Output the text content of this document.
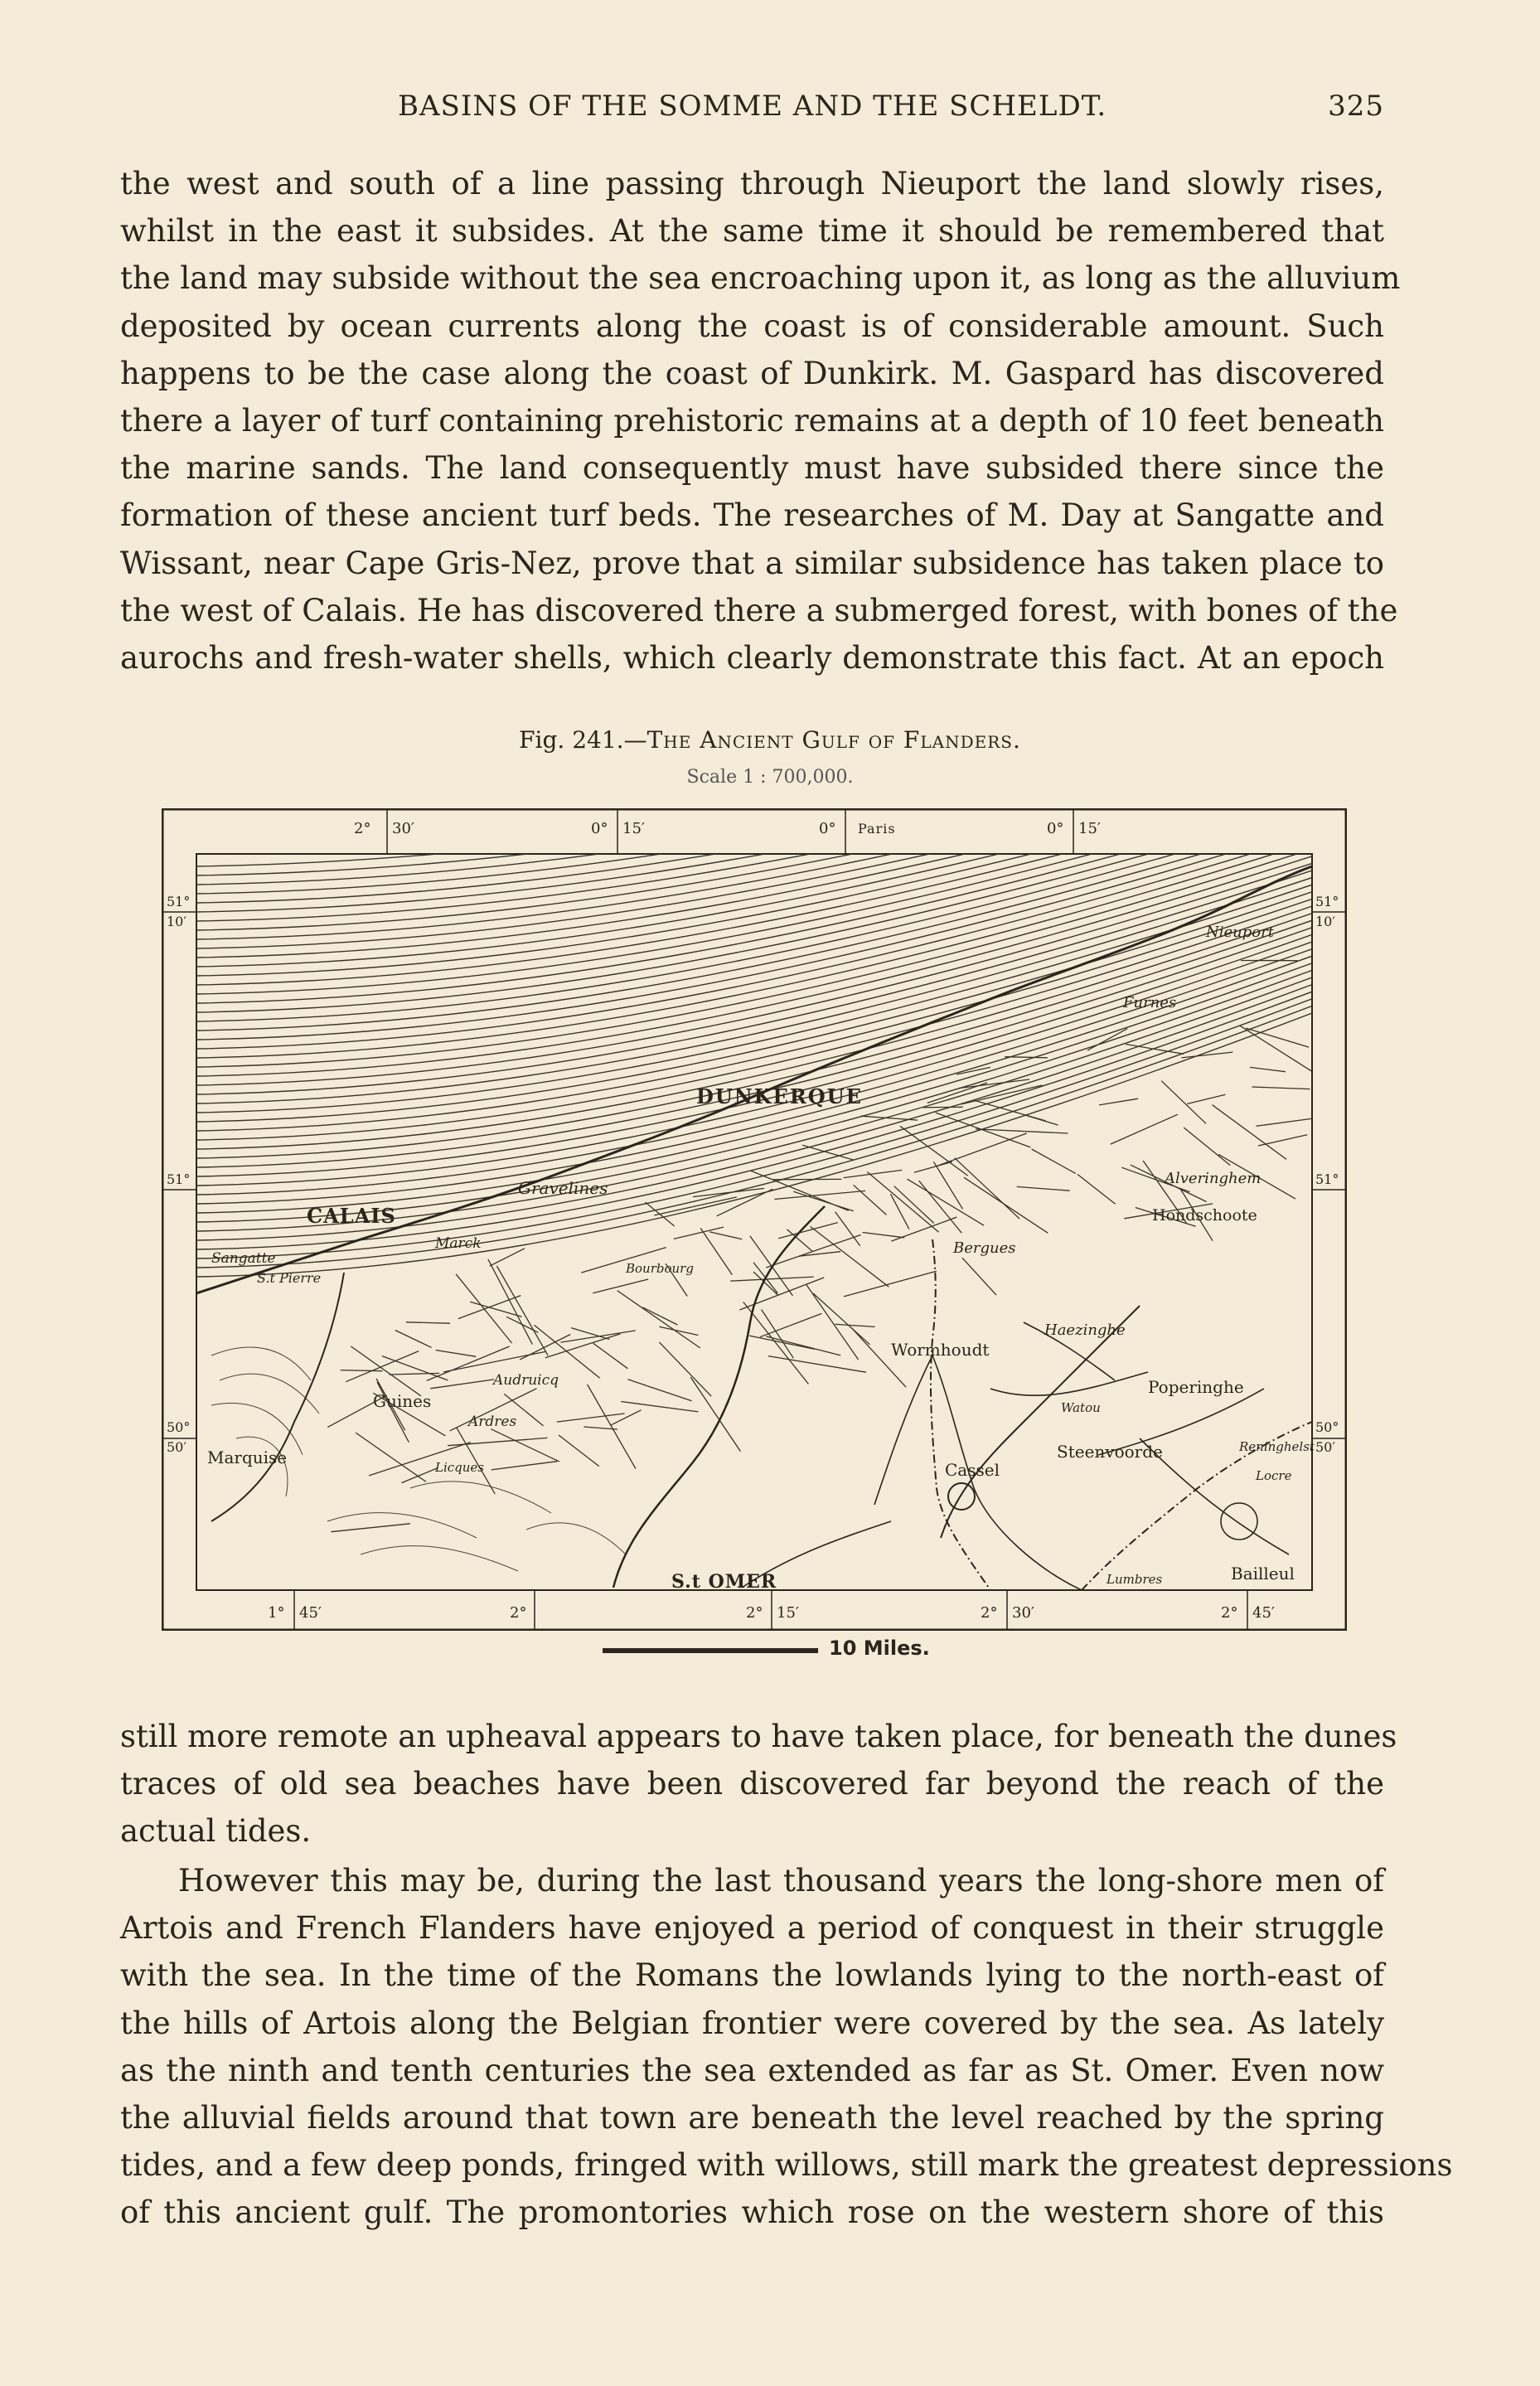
BASINS OF THE SOMME AND THE SCHELDT.	325
the west and south of a line passing through Nieuport the land slowly rises,
whilst in the east it subsides. At the same time it should be remembered that
the land may subside without the sea encroaching upon it, as long as the alluvium
deposited by ocean currents along the coast is of considerable amount. Such
happens to be the case along the coast of Dunkirk. M. Gaspard has discovered
there a layer of turf containing prehistoric remains at a depth of 10 feet beneath
the marine sands. The land consequently must have subsided there since the
formation of these ancient turf beds. The researches of M. Day at Sangatte and
Wissant, near Cape Gris-Nez, prove that a similar subsidence has taken place to
the west of Calais. He has discovered there a submerged forest, with bones of the
aurochs and fresh-water shells, which clearly demonstrate this fact. At an epoch
Fig. 241.—The Ancient Gulf of Flanders.
Scale 1 : 700,000.
DUNKERQUE
CALAIS
Gravelines
Nieuport
Furnes
Alveringhem
Hondschoote
Bergues
Sangatte
S.t Pierre
Marck
Wormhoudt
Haezinghe
Poperinghe
Guines
Audruicq
Ardres
Marquise
Cassel
Steenvoorde
S.t OMER	Bailleul
Watou
Reninghelst
Locre
Bourbourg
Licques
Lumbres
2° 30′	0° 15′	0° Paris	0° 15′
1° 45′	2°	2° 15′	2° 30′	2° 45′
51°
10′
51°
50°
50′
51°
10′
51°
50°
50′
10 Miles.
still more remote an upheaval appears to have taken place, for beneath the dunes
traces of old sea beaches have been discovered far beyond the reach of the
actual tides.
However this may be, during the last thousand years the long-shore men of
Artois and French Flanders have enjoyed a period of conquest in their struggle
with the sea. In the time of the Romans the lowlands lying to the north-east of
the hills of Artois along the Belgian frontier were covered by the sea. As lately
as the ninth and tenth centuries the sea extended as far as St. Omer. Even now
the alluvial fields around that town are beneath the level reached by the spring
tides, and a few deep ponds, fringed with willows, still mark the greatest depressions
of this ancient gulf. The promontories which rose on the western shore of this
